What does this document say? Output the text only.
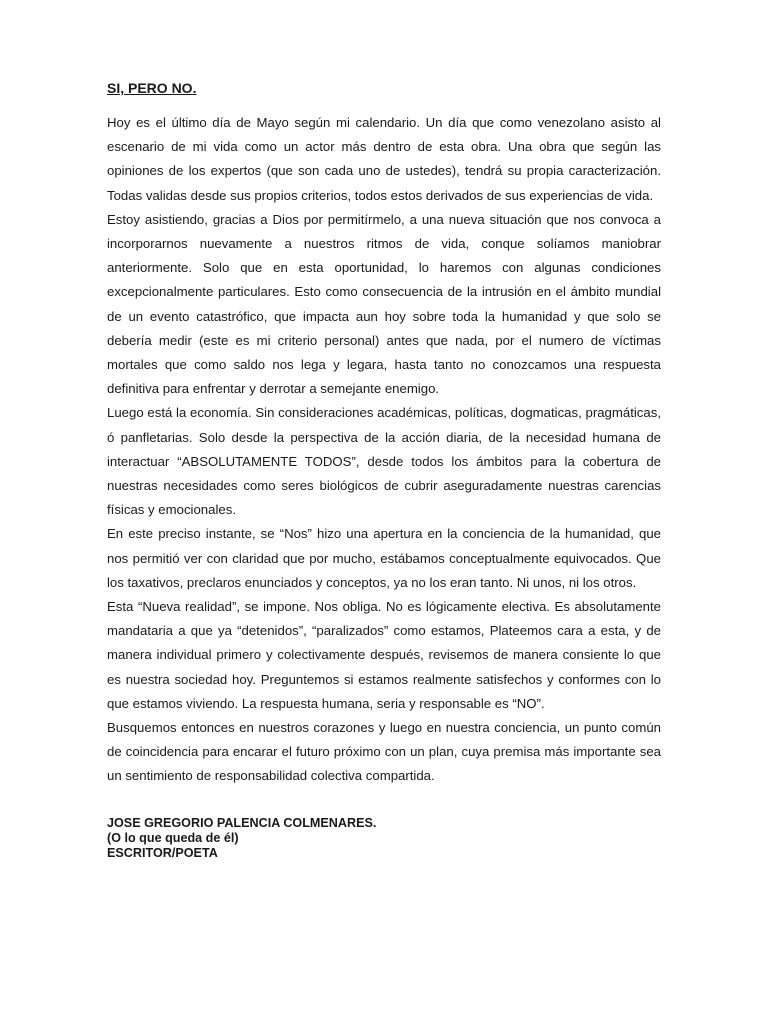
SI, PERO NO.

Hoy es el último día de Mayo según mi calendario. Un día que como venezolano asisto al escenario de mi vida como un actor más dentro de esta obra. Una obra que según las opiniones de los expertos (que son cada uno de ustedes), tendrá su propia caracterización. Todas validas desde sus propios criterios, todos estos derivados de sus experiencias de vida.

Estoy asistiendo, gracias a Dios por permitírmelo, a una nueva situación que nos convoca a incorporarnos nuevamente a nuestros ritmos de vida, conque solíamos maniobrar anteriormente. Solo que en esta oportunidad, lo haremos con algunas condiciones excepcionalmente particulares. Esto como consecuencia de la intrusión en el ámbito mundial de un evento catastrófico, que impacta aun hoy sobre toda la humanidad y que solo se debería medir (este es mi criterio personal) antes que nada, por el numero de víctimas mortales que como saldo nos lega y legara, hasta tanto no conozcamos una respuesta definitiva para enfrentar y derrotar a semejante enemigo.

Luego está la economía. Sin consideraciones académicas, políticas, dogmaticas, pragmáticas, ó panfletarias. Solo desde la perspectiva de la acción diaria, de la necesidad humana de interactuar “ABSOLUTAMENTE TODOS”, desde todos los ámbitos para la cobertura de nuestras necesidades como seres biológicos de cubrir aseguradamente nuestras carencias físicas y emocionales.

En este preciso instante, se “Nos” hizo una apertura en la conciencia de la humanidad, que nos permitió ver con claridad que por mucho, estábamos conceptualmente equivocados. Que los taxativos, preclaros enunciados y conceptos, ya no los eran tanto. Ni unos, ni los otros.

Esta “Nueva realidad”, se impone. Nos obliga. No es lógicamente electiva. Es absolutamente mandataria a que ya “detenidos”, “paralizados” como estamos, Plateemos cara a esta, y de manera individual primero y colectivamente después, revisemos de manera consiente lo que es nuestra sociedad hoy. Preguntemos si estamos realmente satisfechos y conformes con lo que estamos viviendo. La respuesta humana, seria y responsable es “NO”.

Busquemos entonces en nuestros corazones y luego en nuestra conciencia, un punto común de coincidencia para encarar el futuro próximo con un plan, cuya premisa más importante sea un sentimiento de responsabilidad colectiva compartida.

JOSE GREGORIO PALENCIA COLMENARES.
(O lo que queda de él)
ESCRITOR/POETA
